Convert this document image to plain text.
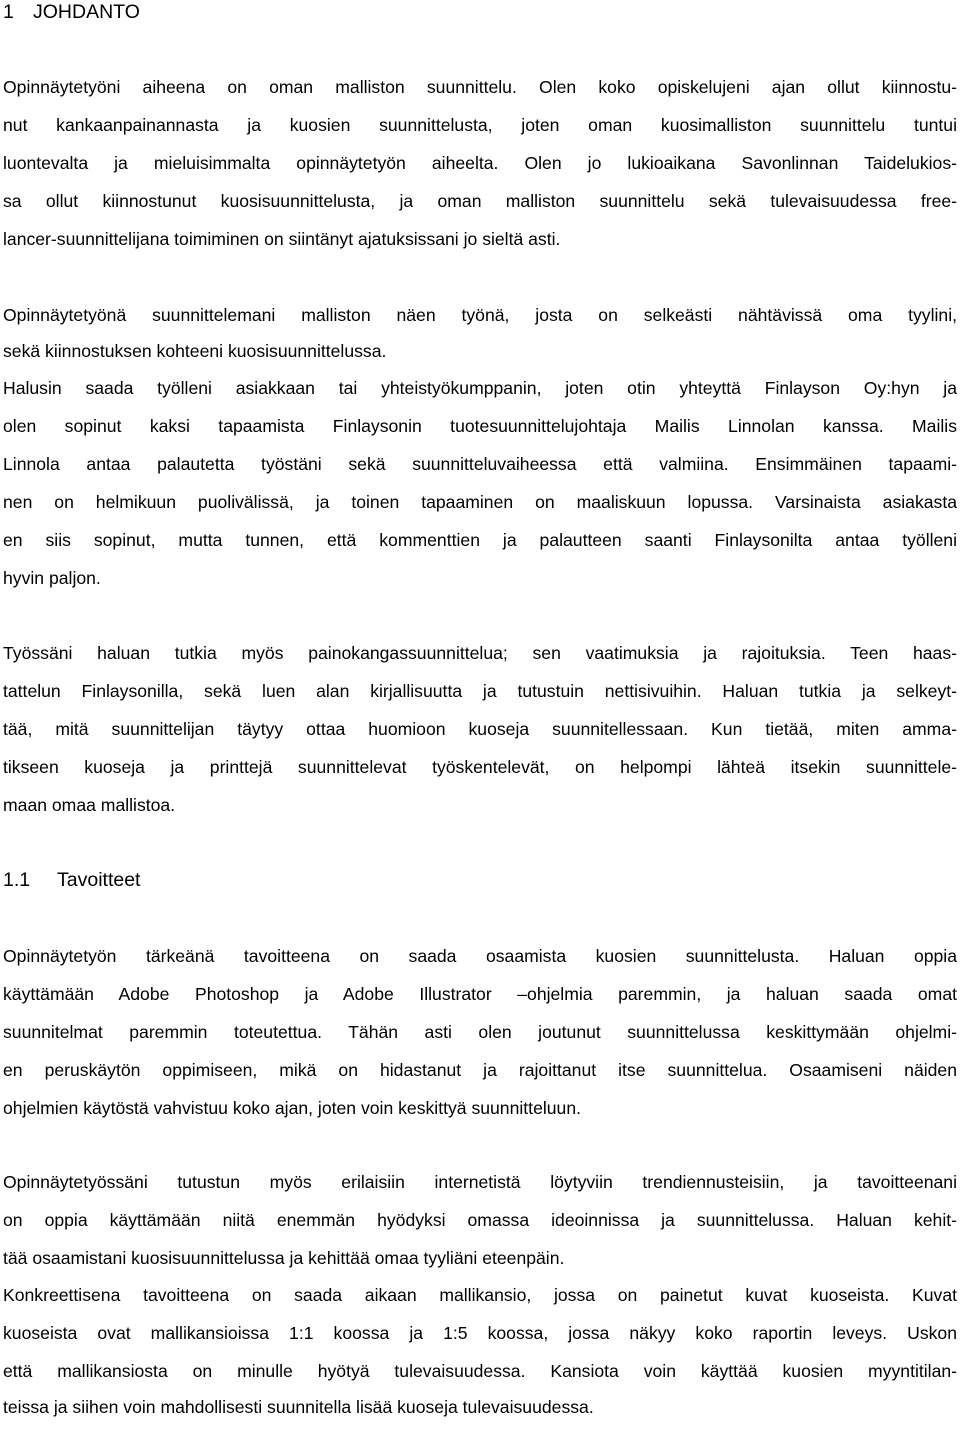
1 JOHDANTO
Opinnäytetyöni aiheena on oman malliston suunnittelu. Olen koko opiskelujeni ajan ollut kiinnostu-
nut kankaanpainannasta ja kuosien suunnittelusta, joten oman kuosimalliston suunnittelu tuntui
luontevalta ja mieluisimmalta opinnäytetyön aiheelta. Olen jo lukioaikana Savonlinnan Taidelukios-
sa ollut kiinnostunut kuosisuunnittelusta, ja oman malliston suunnittelu sekä tulevaisuudessa free-
lancer-suunnittelijana toimiminen on siintänyt ajatuksissani jo sieltä asti.
Opinnäytetyönä suunnittelemani malliston näen työnä, josta on selkeästi nähtävissä oma tyylini,
sekä kiinnostuksen kohteeni kuosisuunnittelussa.
Halusin saada työlleni asiakkaan tai yhteistyökumppanin, joten otin yhteyttä Finlayson Oy:hyn ja
olen sopinut kaksi tapaamista Finlaysonin tuotesuunnittelujohtaja Mailis Linnolan kanssa. Mailis
Linnola antaa palautetta työstäni sekä suunnitteluvaiheessa että valmiina. Ensimmäinen tapaami-
nen on helmikuun puolivälissä, ja toinen tapaaminen on maaliskuun lopussa. Varsinaista asiakasta
en siis sopinut, mutta tunnen, että kommenttien ja palautteen saanti Finlaysonilta antaa työlleni
hyvin paljon.
Työssäni haluan tutkia myös painokangassuunnittelua; sen vaatimuksia ja rajoituksia. Teen haas-
tattelun Finlaysonilla, sekä luen alan kirjallisuutta ja tutustuin nettisivuihin. Haluan tutkia ja selkeyt-
tää, mitä suunnittelijan täytyy ottaa huomioon kuoseja suunnitellessaan. Kun tietää, miten amma-
tikseen kuoseja ja printtejä suunnittelevat työskentelevät, on helpompi lähteä itsekin suunnittele-
maan omaa mallistoa.
1.1 Tavoitteet
Opinnäytetyön tärkeänä tavoitteena on saada osaamista kuosien suunnittelusta. Haluan oppia
käyttämään Adobe Photoshop ja Adobe Illustrator –ohjelmia paremmin, ja haluan saada omat
suunnitelmat paremmin toteutettua. Tähän asti olen joutunut suunnittelussa keskittymään ohjelmi-
en peruskäytön oppimiseen, mikä on hidastanut ja rajoittanut itse suunnittelua. Osaamiseni näiden
ohjelmien käytöstä vahvistuu koko ajan, joten voin keskittyä suunnitteluun.
Opinnäytetyössäni tutustun myös erilaisiin internetistä löytyviin trendiennusteisiin, ja tavoitteenani
on oppia käyttämään niitä enemmän hyödyksi omassa ideoinnissa ja suunnittelussa. Haluan kehit-
tää osaamistani kuosisuunnittelussa ja kehittää omaa tyyliäni eteenpäin.
Konkreettisena tavoitteena on saada aikaan mallikansio, jossa on painetut kuvat kuoseista. Kuvat
kuoseista ovat mallikansioissa 1:1 koossa ja 1:5 koossa, jossa näkyy koko raportin leveys. Uskon
että mallikansiosta on minulle hyötyä tulevaisuudessa. Kansiota voin käyttää kuosien myyntitilan-
teissa ja siihen voin mahdollisesti suunnitella lisää kuoseja tulevaisuudessa.
